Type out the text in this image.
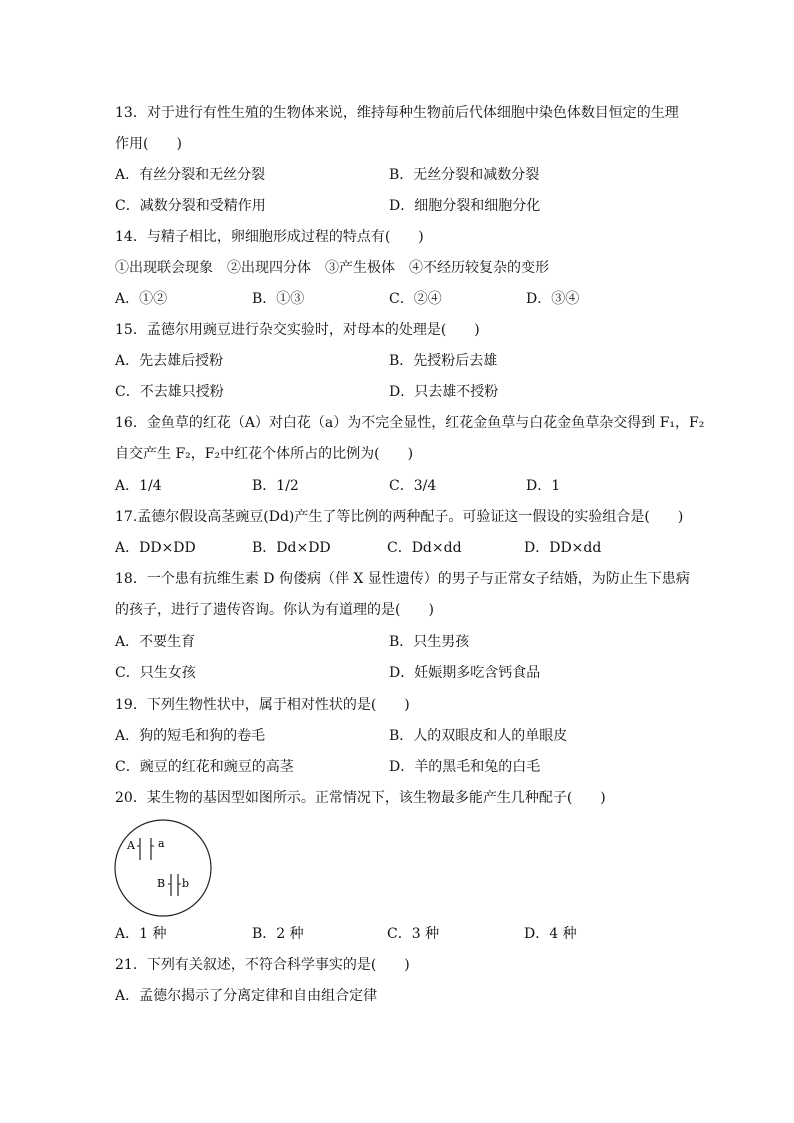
13．对于进行有性生殖的生物体来说，维持每种生物前后代体细胞中染色体数目恒定的生理
作用(　　)
A．有丝分裂和无丝分裂	B．无丝分裂和减数分裂
C．减数分裂和受精作用	D．细胞分裂和细胞分化
14．与精子相比，卵细胞形成过程的特点有(　　)
①出现联会现象　②出现四分体　③产生极体　④不经历较复杂的变形
A．①②	B．①③	C．②④	D．③④
15．孟德尔用豌豆进行杂交实验时，对母本的处理是(　　)
A．先去雄后授粉	B．先授粉后去雄
C．不去雄只授粉	D．只去雄不授粉
16．金鱼草的红花（A）对白花（a）为不完全显性，红花金鱼草与白花金鱼草杂交得到 F₁，F₂
自交产生 F₂，F₂中红花个体所占的比例为(　　)
A．1/4	B．1/2	C．3/4	D．1
17.孟德尔假设高茎豌豆(Dd)产生了等比例的两种配子。可验证这一假设的实验组合是(　　)
A．DD×DD	B．Dd×DD	C．Dd×dd	D．DD×dd
18．一个患有抗维生素 D 佝偻病（伴 X 显性遗传）的男子与正常女子结婚，为防止生下患病
的孩子，进行了遗传咨询。你认为有道理的是(　　)
A．不要生育	B．只生男孩
C．只生女孩	D．妊娠期多吃含钙食品
19．下列生物性状中，属于相对性状的是(　　)
A．狗的短毛和狗的卷毛	B．人的双眼皮和人的单眼皮
C．豌豆的红花和豌豆的高茎	D．羊的黑毛和兔的白毛
20．某生物的基因型如图所示。正常情况下，该生物最多能产生几种配子(　　)
A a
B b
A．1 种	B．2 种	C．3 种	D．4 种
21．下列有关叙述，不符合科学事实的是(　　)
A．孟德尔揭示了分离定律和自由组合定律
